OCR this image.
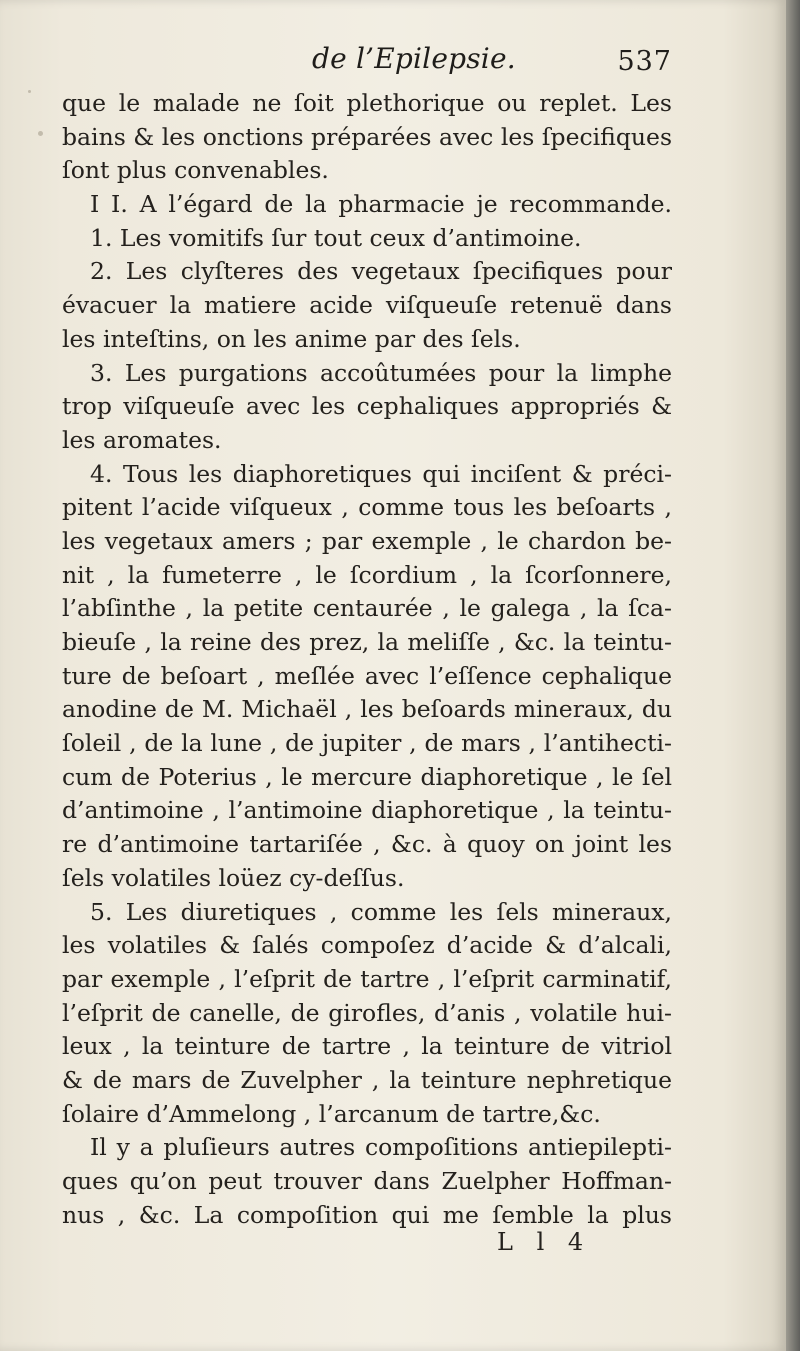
de l’Epilepsie.	537
que le malade ne ſoit plethorique ou replet. Les
bains & les onctions préparées avec les ſpecifiques
ſont plus convenables.
I I. A l’égard de la pharmacie je recommande.
1. Les vomitifs ſur tout ceux d’antimoine.
2. Les clyſteres des vegetaux ſpecifiques pour
évacuer la matiere acide viſqueuſe retenuë dans
les inteſtins, on les anime par des ſels.
3. Les purgations accoûtumées pour la limphe
trop viſqueuſe avec les cephaliques appropriés &
les aromates.
4. Tous les diaphoretiques qui inciſent & préci-
pitent l’acide viſqueux , comme tous les beſoarts ,
les vegetaux amers ; par exemple , le chardon be-
nit , la fumeterre , le ſcordium , la ſcorſonnere,
l’abſinthe , la petite centaurée , le galega , la ſca-
bieuſe , la reine des prez, la meliſſe , &c. la teintu-
ture de beſoart , meſlée avec l’eſſence cephalique
anodine de M. Michaël , les beſoards mineraux, du
ſoleil , de la lune , de jupiter , de mars , l’antihecti-
cum de Poterius , le mercure diaphoretique , le ſel
d’antimoine , l’antimoine diaphoretique , la teintu-
re d’antimoine tartariſée , &c. à quoy on joint les
ſels volatiles loüez cy-deſſus.
5. Les diuretiques , comme les ſels mineraux,
les volatiles & ſalés compoſez d’acide & d’alcali,
par exemple , l’eſprit de tartre , l’eſprit carminatif,
l’eſprit de canelle, de girofles, d’anis , volatile hui-
leux , la teinture de tartre , la teinture de vitriol
& de mars de Zuvelpher , la teinture nephretique
ſolaire d’Ammelong , l’arcanum de tartre,&c.
Il y a pluſieurs autres compoſitions antiepilepti-
ques qu’on peut trouver dans Zuelpher Hoffman-
nus , &c. La compoſition qui me ſemble la plus
L l 4
